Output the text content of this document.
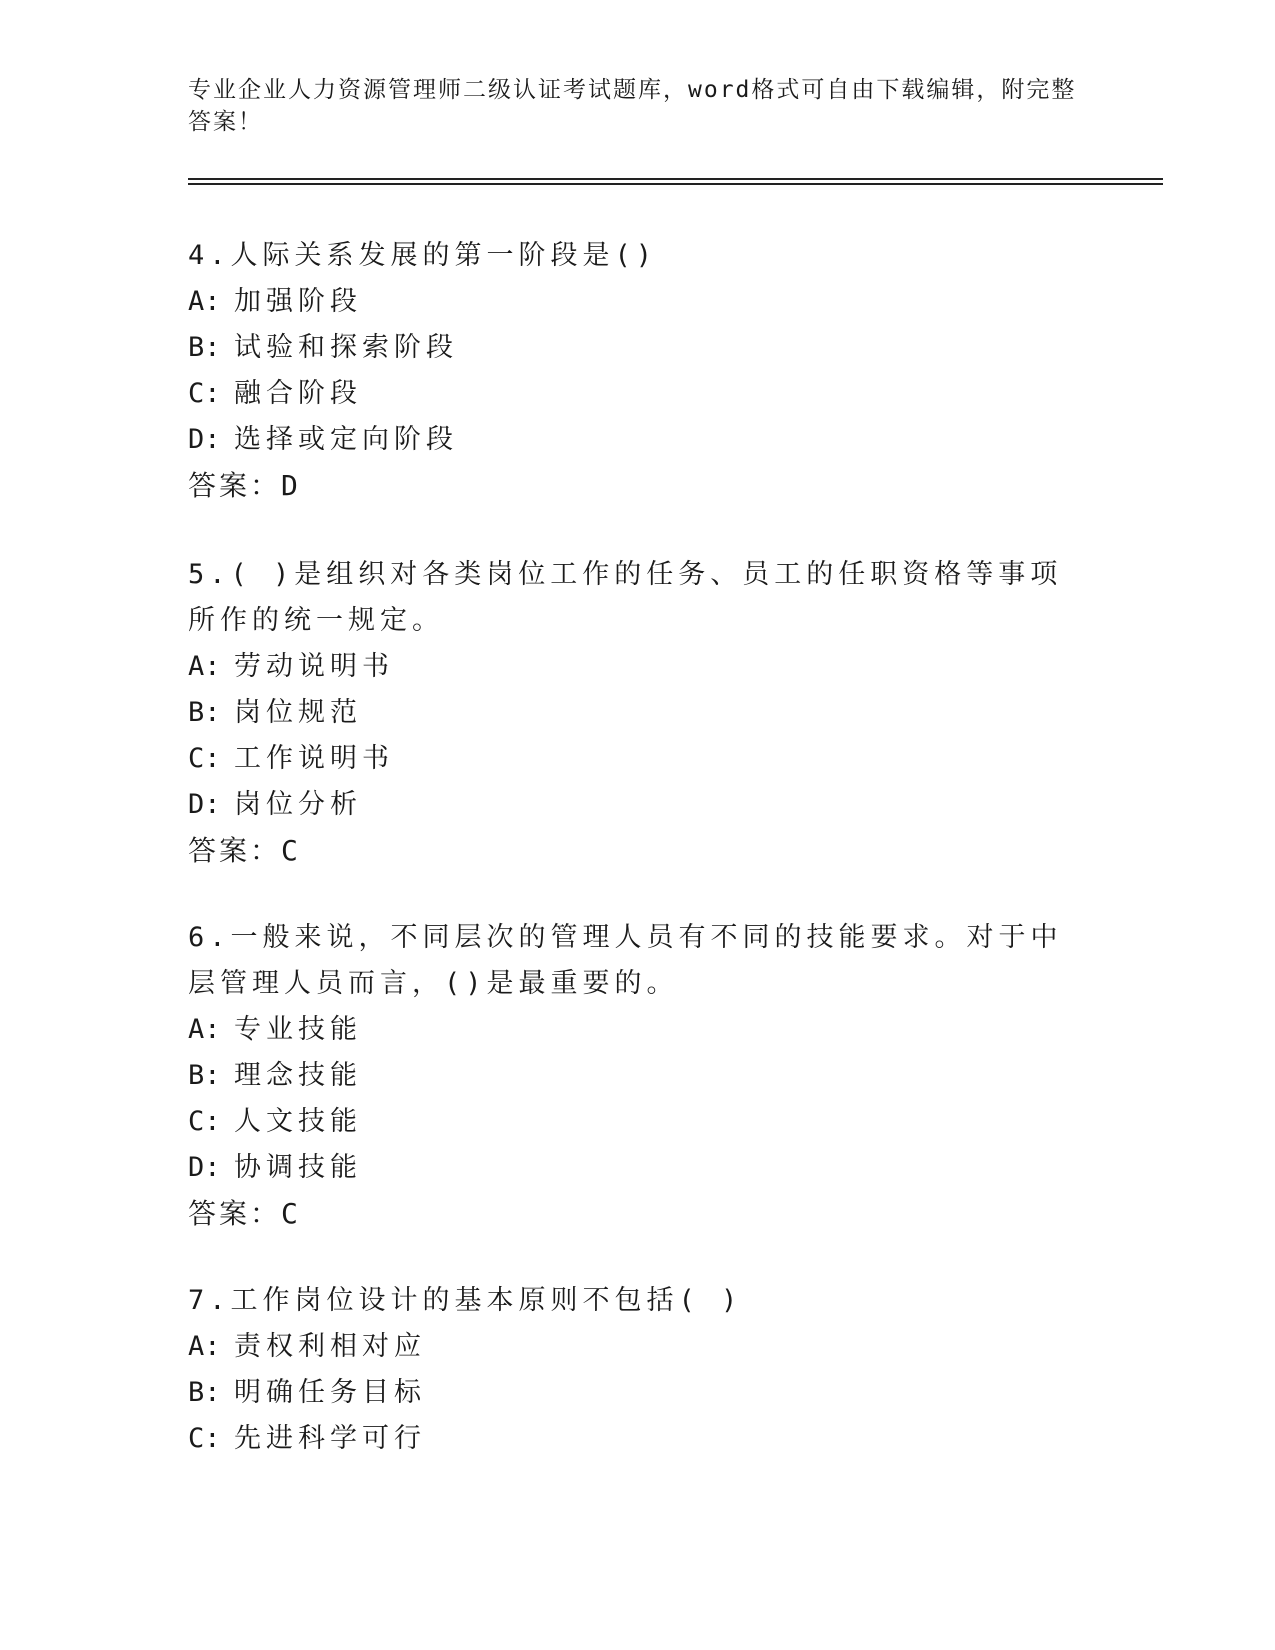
专业企业人力资源管理师二级认证考试题库，word格式可自由下载编辑，附完整答案！
4.人际关系发展的第一阶段是()
A: 加强阶段
B: 试验和探索阶段
C: 融合阶段
D: 选择或定向阶段
答案：D
5.( )是组织对各类岗位工作的任务、员工的任职资格等事项所作的统一规定。
A: 劳动说明书
B: 岗位规范
C: 工作说明书
D: 岗位分析
答案：C
6.一般来说，不同层次的管理人员有不同的技能要求。对于中层管理人员而言，()是最重要的。
A: 专业技能
B: 理念技能
C: 人文技能
D: 协调技能
答案：C
7.工作岗位设计的基本原则不包括( )
A: 责权利相对应
B: 明确任务目标
C: 先进科学可行
